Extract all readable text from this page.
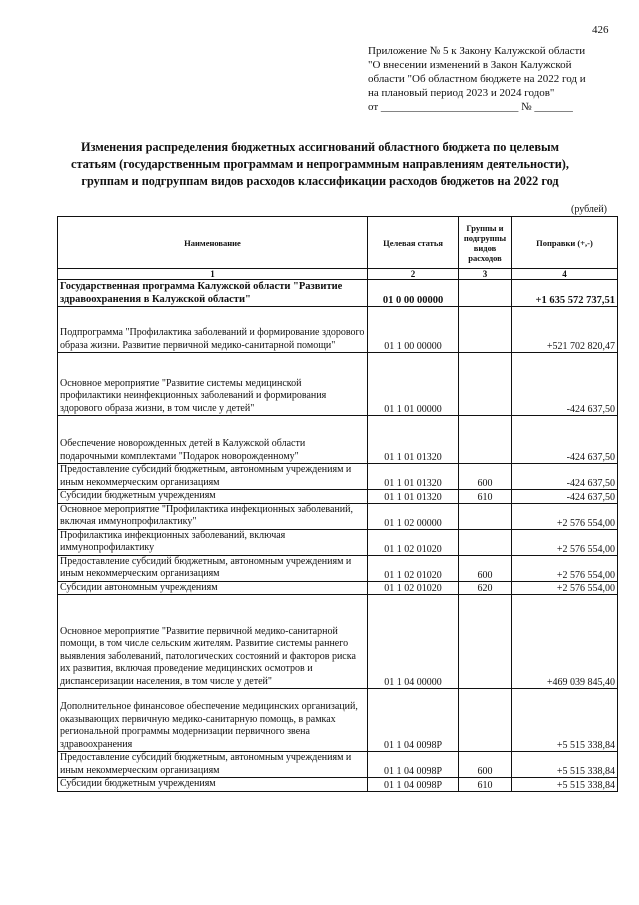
426
Приложение № 5 к Закону Калужской области
"О внесении изменений в Закон Калужской
области "Об областном бюджете на 2022 год и
на плановый период 2023 и 2024 годов"
от _________________________ № _______
Изменения распределения бюджетных ассигнований областного бюджета по целевым
статьям (государственным программам и непрограммным направлениям деятельности),
группам и подгруппам видов расходов классификации расходов бюджетов на 2022 год
(рублей)
Наименование	Целевая статья	Группы и подгруппы видов расходов	Поправки (+,-)
1	2	3	4
Государственная программа Калужской области "Развитие здравоохранения в Калужской области"	01 0 00 00000		+1 635 572 737,51
Подпрограмма "Профилактика заболеваний и формирование здорового образа жизни. Развитие первичной медико-санитарной помощи"	01 1 00 00000		+521 702 820,47
Основное мероприятие "Развитие системы медицинской профилактики неинфекционных заболеваний и формирования здорового образа жизни, в том числе у детей"	01 1 01 00000		-424 637,50
Обеспечение новорожденных детей в Калужской области подарочными комплектами "Подарок новорожденному"	01 1 01 01320		-424 637,50
Предоставление субсидий бюджетным, автономным учреждениям и иным некоммерческим организациям	01 1 01 01320	600	-424 637,50
Субсидии бюджетным учреждениям	01 1 01 01320	610	-424 637,50
Основное мероприятие "Профилактика инфекционных заболеваний, включая иммунопрофилактику"	01 1 02 00000		+2 576 554,00
Профилактика инфекционных заболеваний, включая иммунопрофилактику	01 1 02 01020		+2 576 554,00
Предоставление субсидий бюджетным, автономным учреждениям и иным некоммерческим организациям	01 1 02 01020	600	+2 576 554,00
Субсидии автономным учреждениям	01 1 02 01020	620	+2 576 554,00
Основное мероприятие "Развитие первичной медико-санитарной помощи, в том числе сельским жителям. Развитие системы раннего выявления заболеваний, патологических состояний и факторов риска их развития, включая проведение медицинских осмотров и диспансеризации населения, в том числе у детей"	01 1 04 00000		+469 039 845,40
Дополнительное финансовое обеспечение медицинских организаций, оказывающих первичную медико-санитарную помощь, в рамках региональной программы модернизации первичного звена здравоохранения	01 1 04 0098P		+5 515 338,84
Предоставление субсидий бюджетным, автономным учреждениям и иным некоммерческим организациям	01 1 04 0098P	600	+5 515 338,84
Субсидии бюджетным учреждениям	01 1 04 0098P	610	+5 515 338,84
